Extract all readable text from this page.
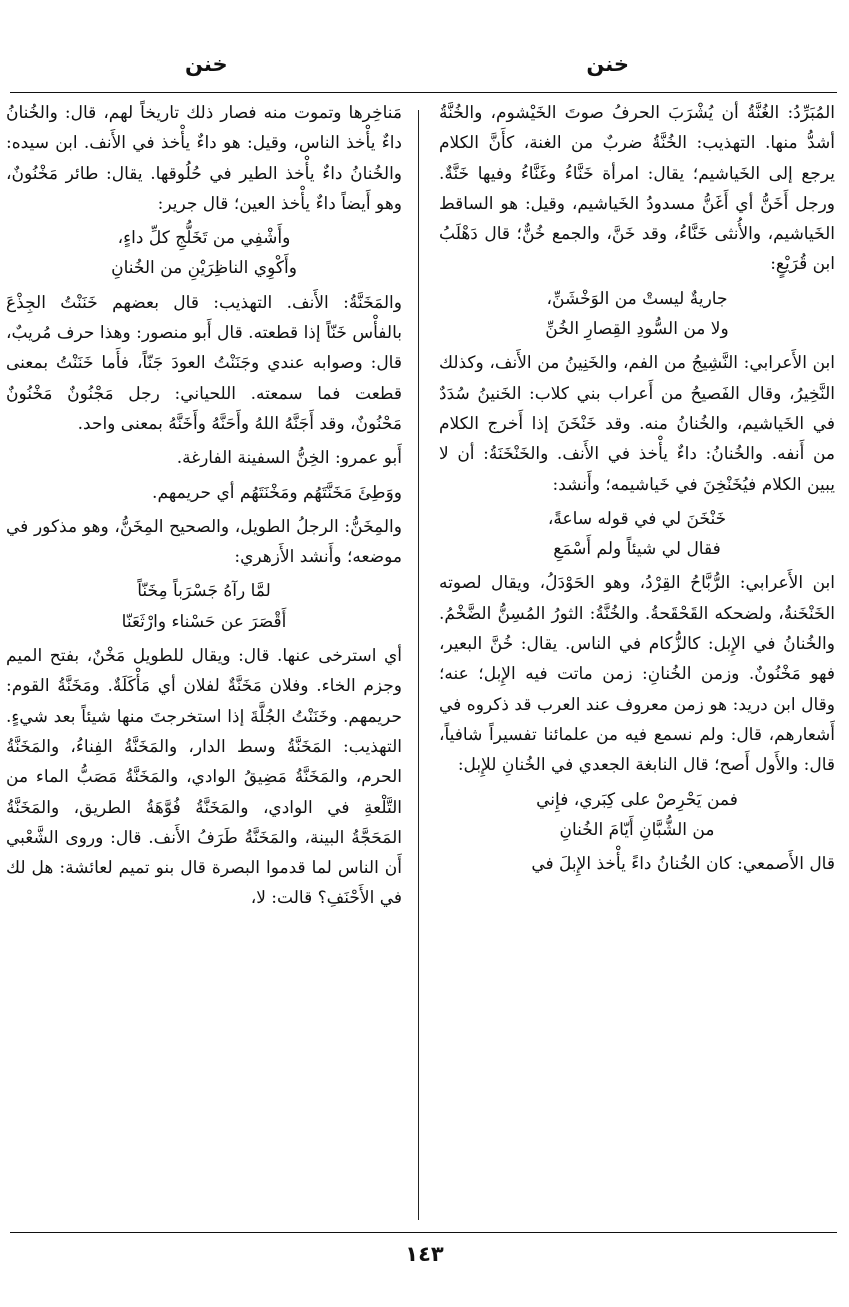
خنن
خنن

المُبَرِّدُ: الغُنَّةُ أن يُشْرَبَ الحرفُ صوتَ الخَيْشوم، والخُنَّةُ أشدُّ منها. التهذيب: الخُنَّةُ ضربٌ من الغنة، كأَنَّ الكلام يرجع إلى الخَياشيم؛ يقال: امرأة خَنَّاءُ وغَنَّاءُ وفيها خَنَّةٌ. ورجل أَخَنُّ أي أَغَنُّ مسدودُ الخَياشيم، وقيل: هو الساقط الخَياشيم، والأُنثى خَنَّاءُ، وقد خَنَّ، والجمع خُنٌّ؛ قال دَهْلَبُ ابن قُرَيْعٍ:

جاريةٌ ليستْ من الوَخْشَنِّ،
ولا من السُّودِ القِصارِ الخُنِّ

ابن الأَعرابي: النَّشِيجُ من الفم، والخَنِينُ من الأَنف، وكذلك النَّخِيرُ، وقال الفَصيحُ من أَعراب بني كلاب: الخَنينُ سُدَدٌ في الخَياشيم، والخُنانُ منه. وقد خَنْخَنَ إذا أَخرج الكلام من أَنفه. والخُنانُ: داءٌ يأْخذ في الأَنف. والخَنْخَنَةُ: أن لا يبين الكلام فيُخَنْخِنَ في خَياشيمه؛ وأَنشد:

خَنْخَنَ لي في قوله ساعةً،
فقال لي شيئاً ولم أَسْمَعِ

ابن الأَعرابي: الرُّبَّاحُ القِرْدُ، وهو الحَوْدَلُ، ويقال لصوته الخَنْخَنةُ، ولضحكه القَحْقَحةُ. والخُنَّةُ: الثورُ المُسِنُّ الضَّخْمُ. والخُنانُ في الإِبل: كالزُّكام في الناس. يقال: خُنَّ البعير، فهو مَخْنُونٌ. وزمن الخُنانِ: زمن ماتت فيه الإِبل؛ عنه؛ وقال ابن دريد: هو زمن معروف عند العرب قد ذكروه في أَشعارهم، قال: ولم نسمع فيه من علمائنا تفسيراً شافياً، قال: والأَول أَصح؛ قال النابغة الجعدي في الخُنانِ للإِبل:

فمن يَحْرِصْ على كِبَري، فإِني
من الشُّبَّانِ أَيّامَ الخُنانِ

قال الأَصمعي: كان الخُنانُ داءً يأْخذ الإِبلَ في

مَناخِرها وتموت منه فصار ذلك تاريخاً لهم، قال: والخُنانُ داءٌ يأْخذ الناس، وقيل: هو داءٌ يأْخذ في الأَنف. ابن سيده: والخُنانُ داءٌ يأْخذ الطير في حُلُوقها. يقال: طائر مَخْنُونٌ، وهو أَيضاً داءٌ يأْخذ العين؛ قال جرير:

وأَشْفِي من تَخَلُّجِ كلِّ داءٍ،
وأَكْوِي الناظِرَيْنِ من الخُنانِ

والمَخَنَّةُ: الأَنف. التهذيب: قال بعضهم خَنَنْتُ الجِذْعَ بالفأْس خَنّاً إذا قطعته. قال أَبو منصور: وهذا حرف مُريبٌ، قال: وصوابه عندي وجَنَنْتُ العودَ جَنّاً، فأَما خَنَنْتُ بمعنى قطعت فما سمعته. اللحياني: رجل مَجْنُونٌ مَخْنُونٌ مَحْنُونٌ، وقد أَجَنَّهُ اللهُ وأَحَنَّهُ وأَخَنَّهُ بمعنى واحد.

أَبو عمرو: الخِنُّ السفينة الفارغة.

ووَطِئَ مَخَنَّتَهُم ومَخْنَتَهُم أي حريمهم.

والمِخَنُّ: الرجلُ الطويل، والصحيح المِخَنُّ، وهو مذكور في موضعه؛ وأَنشد الأَزهري:

لمَّا رآهُ جَسْرَباً مِخَنّاً
أَقْصَرَ عن حَسْناء وارْثَعَنّا

أي استرخى عنها. قال: ويقال للطويل مَخْنٌ، بفتح الميم وجزم الخاء. وفلان مَخَنَّةٌ لفلان أي مَأْكَلَةٌ. ومَخَنَّةُ القوم: حريمهم. وخَنَنْتُ الجُلَّةَ إذا استخرجتَ منها شيئاً بعد شيءٍ. التهذيب: المَخَنَّةُ وسط الدار، والمَخَنَّةُ الفِناءُ، والمَخَنَّةُ الحرم، والمَخَنَّةُ مَضِيقُ الوادي، والمَخَنَّةُ مَصَبُّ الماء من التَّلْعةِ في الوادي، والمَخَنَّةُ فُوَّهَةُ الطريق، والمَخَنَّةُ المَحَجَّةُ البينة، والمَخَنَّةُ طَرَفُ الأَنف. قال: وروى الشَّعْبي أَن الناس لما قدموا البصرة قال بنو تميم لعائشة: هل لك في الأَحْنَفِ؟ قالت: لا،

١٤٣
